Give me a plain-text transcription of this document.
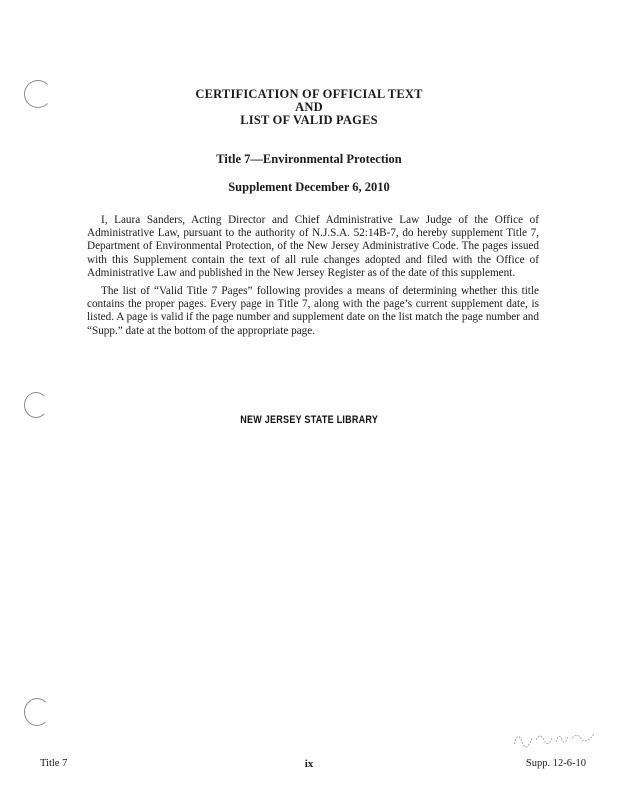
CERTIFICATION OF OFFICIAL TEXT
AND
LIST OF VALID PAGES
Title 7—Environmental Protection
Supplement December 6, 2010

I, Laura Sanders, Acting Director and Chief Administrative Law Judge of the Office of Administrative Law, pursuant to the authority of N.J.S.A. 52:14B-7, do hereby supplement Title 7, Department of Environmental Protection, of the New Jersey Administrative Code. The pages issued with this Supplement contain the text of all rule changes adopted and filed with the Office of Administrative Law and published in the New Jersey Register as of the date of this supplement.

The list of “Valid Title 7 Pages” following provides a means of determining whether this title contains the proper pages. Every page in Title 7, along with the page’s current supplement date, is listed. A page is valid if the page number and supplement date on the list match the page number and “Supp.” date at the bottom of the appropriate page.

NEW JERSEY STATE LIBRARY
Title 7	ix	Supp. 12-6-10
